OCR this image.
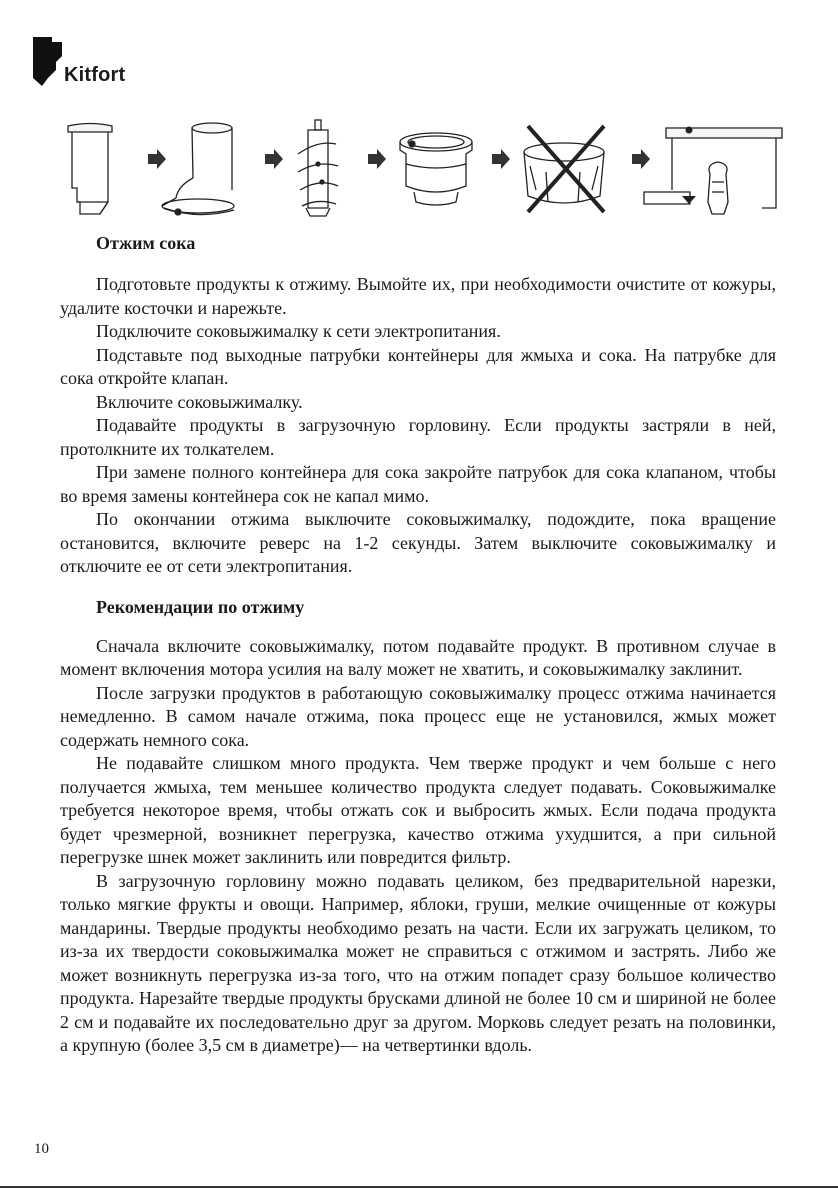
Kitfort
Отжим сока

Подготовьте продукты к отжиму. Вымойте их, при необходимости очистите от кожуры, удалите косточки и нарежьте.

Подключите соковыжималку к сети электропитания.

Подставьте под выходные патрубки контейнеры для жмыха и сока. На патрубке для сока откройте клапан.

Включите соковыжималку.

Подавайте продукты в загрузочную горловину. Если продукты застряли в ней, протолкните их толкателем.

При замене полного контейнера для сока закройте патрубок для сока клапаном, чтобы во время замены контейнера сок не капал мимо.

По окончании отжима выключите соковыжималку, подождите, пока вращение остановится, включите реверс на 1-2 секунды. Затем выключите соковыжималку и отключите ее от сети электропитания.

Рекомендации по отжиму

Сначала включите соковыжималку, потом подавайте продукт. В противном случае в момент включения мотора усилия на валу может не хватить, и соковыжималку заклинит.

После загрузки продуктов в работающую соковыжималку процесс отжима начинается немедленно. В самом начале отжима, пока процесс еще не установился, жмых может содержать немного сока.

Не подавайте слишком много продукта. Чем тверже продукт и чем больше с него получается жмыха, тем меньшее количество продукта следует подавать. Соковыжималке требуется некоторое время, чтобы отжать сок и выбросить жмых. Если подача продукта будет чрезмерной, возникнет перегрузка, качество отжима ухудшится, а при сильной перегрузке шнек может заклинить или повредится фильтр.

В загрузочную горловину можно подавать целиком, без предварительной нарезки, только мягкие фрукты и овощи. Например, яблоки, груши, мелкие очищенные от кожуры мандарины. Твердые продукты необходимо резать на части. Если их загружать целиком, то из-за их твердости соковыжималка может не справиться с отжимом и застрять. Либо же может возникнуть перегрузка из-за того, что на отжим попадет сразу большое количество продукта. Нарезайте твердые продукты брусками длиной не более 10 см и шириной не более 2 см и подавайте их последовательно друг за другом. Морковь следует резать на половинки, а крупную (более 3,5 см в диаметре)— на четвертинки вдоль.

10
